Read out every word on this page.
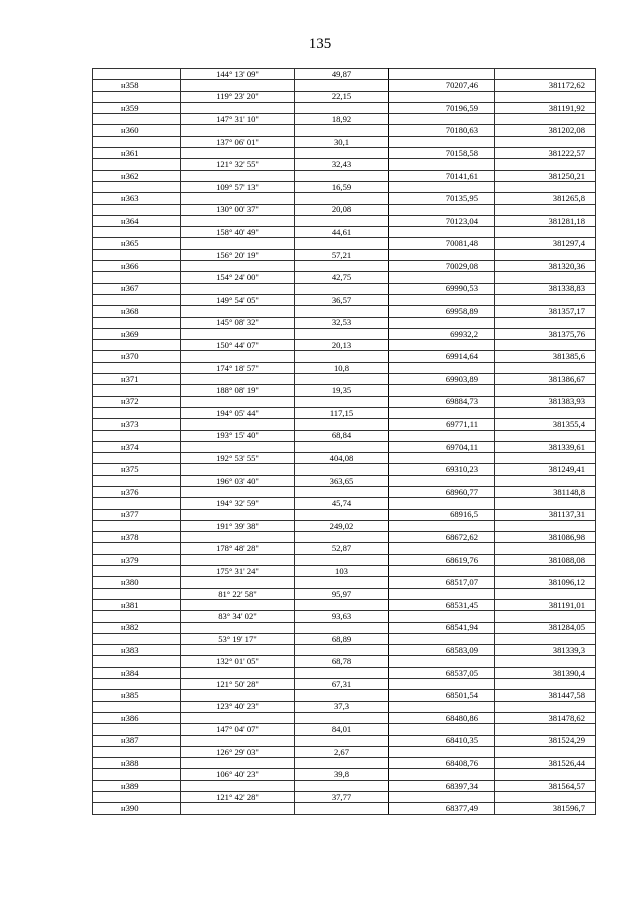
135
	144° 13' 09"	49,87		
н358			70207,46	381172,62
	119° 23' 20"	22,15		
н359			70196,59	381191,92
	147° 31' 10"	18,92		
н360			70180,63	381202,08
	137° 06' 01"	30,1		
н361			70158,58	381222,57
	121° 32' 55"	32,43		
н362			70141,61	381250,21
	109° 57' 13"	16,59		
н363			70135,95	381265,8
	130° 00' 37"	20,08		
н364			70123,04	381281,18
	158° 40' 49"	44,61		
н365			70081,48	381297,4
	156° 20' 19"	57,21		
н366			70029,08	381320,36
	154° 24' 00"	42,75		
н367			69990,53	381338,83
	149° 54' 05"	36,57		
н368			69958,89	381357,17
	145° 08' 32"	32,53		
н369			69932,2	381375,76
	150° 44' 07"	20,13		
н370			69914,64	381385,6
	174° 18' 57"	10,8		
н371			69903,89	381386,67
	188° 08' 19"	19,35		
н372			69884,73	381383,93
	194° 05' 44"	117,15		
н373			69771,11	381355,4
	193° 15' 40"	68,84		
н374			69704,11	381339,61
	192° 53' 55"	404,08		
н375			69310,23	381249,41
	196° 03' 40"	363,65		
н376			68960,77	381148,8
	194° 32' 59"	45,74		
н377			68916,5	381137,31
	191° 39' 38"	249,02		
н378			68672,62	381086,98
	178° 48' 28"	52,87		
н379			68619,76	381088,08
	175° 31' 24"	103		
н380			68517,07	381096,12
	81° 22' 58"	95,97		
н381			68531,45	381191,01
	83° 34' 02"	93,63		
н382			68541,94	381284,05
	53° 19' 17"	68,89		
н383			68583,09	381339,3
	132° 01' 05"	68,78		
н384			68537,05	381390,4
	121° 50' 28"	67,31		
н385			68501,54	381447,58
	123° 40' 23"	37,3		
н386			68480,86	381478,62
	147° 04' 07"	84,01		
н387			68410,35	381524,29
	126° 29' 03"	2,67		
н388			68408,76	381526,44
	106° 40' 23"	39,8		
н389			68397,34	381564,57
	121° 42' 28"	37,77		
н390			68377,49	381596,7
